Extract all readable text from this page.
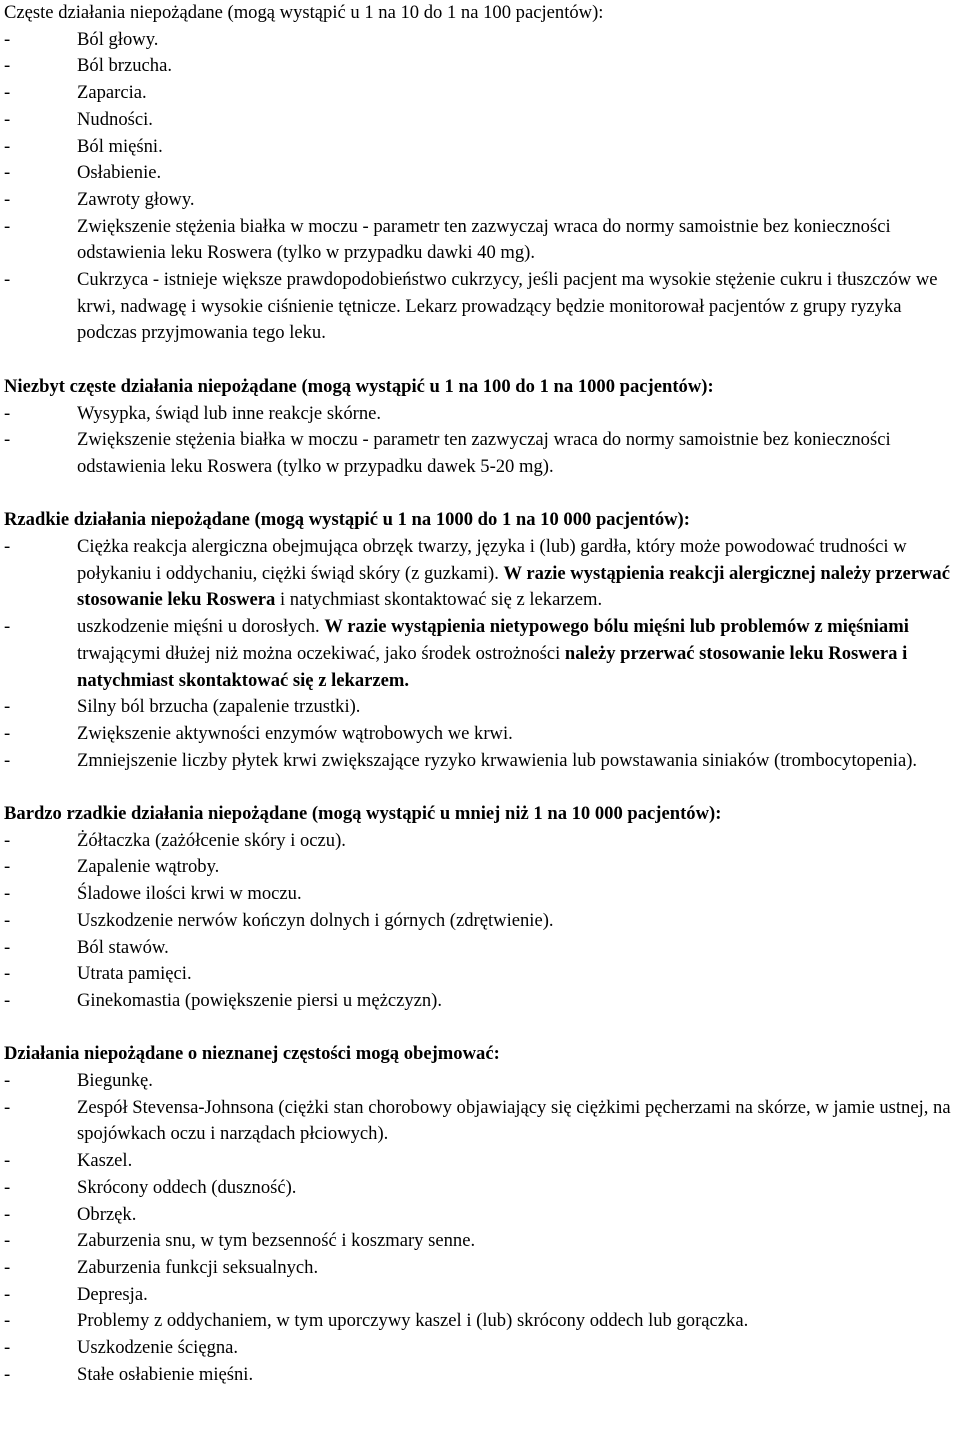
Częste działania niepożądane (mogą wystąpić u 1 na 10 do 1 na 100 pacjentów):
-	Ból głowy.
-	Ból brzucha.
-	Zaparcia.
-	Nudności.
-	Ból mięśni.
-	Osłabienie.
-	Zawroty głowy.
-	Zwiększenie stężenia białka w moczu - parametr ten zazwyczaj wraca do normy samoistnie bez konieczności odstawienia leku Roswera (tylko w przypadku dawki 40 mg).
-	Cukrzyca - istnieje większe prawdopodobieństwo cukrzycy, jeśli pacjent ma wysokie stężenie cukru i tłuszczów we krwi, nadwagę i wysokie ciśnienie tętnicze. Lekarz prowadzący będzie monitorował pacjentów z grupy ryzyka podczas przyjmowania tego leku.
Niezbyt częste działania niepożądane (mogą wystąpić u 1 na 100 do 1 na 1000 pacjentów):
-	Wysypka, świąd lub inne reakcje skórne.
-	Zwiększenie stężenia białka w moczu - parametr ten zazwyczaj wraca do normy samoistnie bez konieczności odstawienia leku Roswera (tylko w przypadku dawek 5-20 mg).
Rzadkie działania niepożądane (mogą wystąpić u 1 na 1000 do 1 na 10 000 pacjentów):
-	Ciężka reakcja alergiczna obejmująca obrzęk twarzy, języka i (lub) gardła, który może powodować trudności w połykaniu i oddychaniu, ciężki świąd skóry (z guzkami). W razie wystąpienia reakcji alergicznej należy przerwać stosowanie leku Roswera i natychmiast skontaktować się z lekarzem.
-	uszkodzenie mięśni u dorosłych. W razie wystąpienia nietypowego bólu mięśni lub problemów z mięśniami trwającymi dłużej niż można oczekiwać, jako środek ostrożności należy przerwać stosowanie leku Roswera i natychmiast skontaktować się z lekarzem.
-	Silny ból brzucha (zapalenie trzustki).
-	Zwiększenie aktywności enzymów wątrobowych we krwi.
-	Zmniejszenie liczby płytek krwi zwiększające ryzyko krwawienia lub powstawania siniaków (trombocytopenia).
Bardzo rzadkie działania niepożądane (mogą wystąpić u mniej niż 1 na 10 000 pacjentów):
-	Żółtaczka (zażółcenie skóry i oczu).
-	Zapalenie wątroby.
-	Śladowe ilości krwi w moczu.
-	Uszkodzenie nerwów kończyn dolnych i górnych (zdrętwienie).
-	Ból stawów.
-	Utrata pamięci.
-	Ginekomastia (powiększenie piersi u mężczyzn).
Działania niepożądane o nieznanej częstości mogą obejmować:
-	Biegunkę.
-	Zespół Stevensa-Johnsona (ciężki stan chorobowy objawiający się ciężkimi pęcherzami na skórze, w jamie ustnej, na spojówkach oczu i narządach płciowych).
-	Kaszel.
-	Skrócony oddech (duszność).
-	Obrzęk.
-	Zaburzenia snu, w tym bezsenność i koszmary senne.
-	Zaburzenia funkcji seksualnych.
-	Depresja.
-	Problemy z oddychaniem, w tym uporczywy kaszel i (lub) skrócony oddech lub gorączka.
-	Uszkodzenie ścięgna.
-	Stałe osłabienie mięśni.
